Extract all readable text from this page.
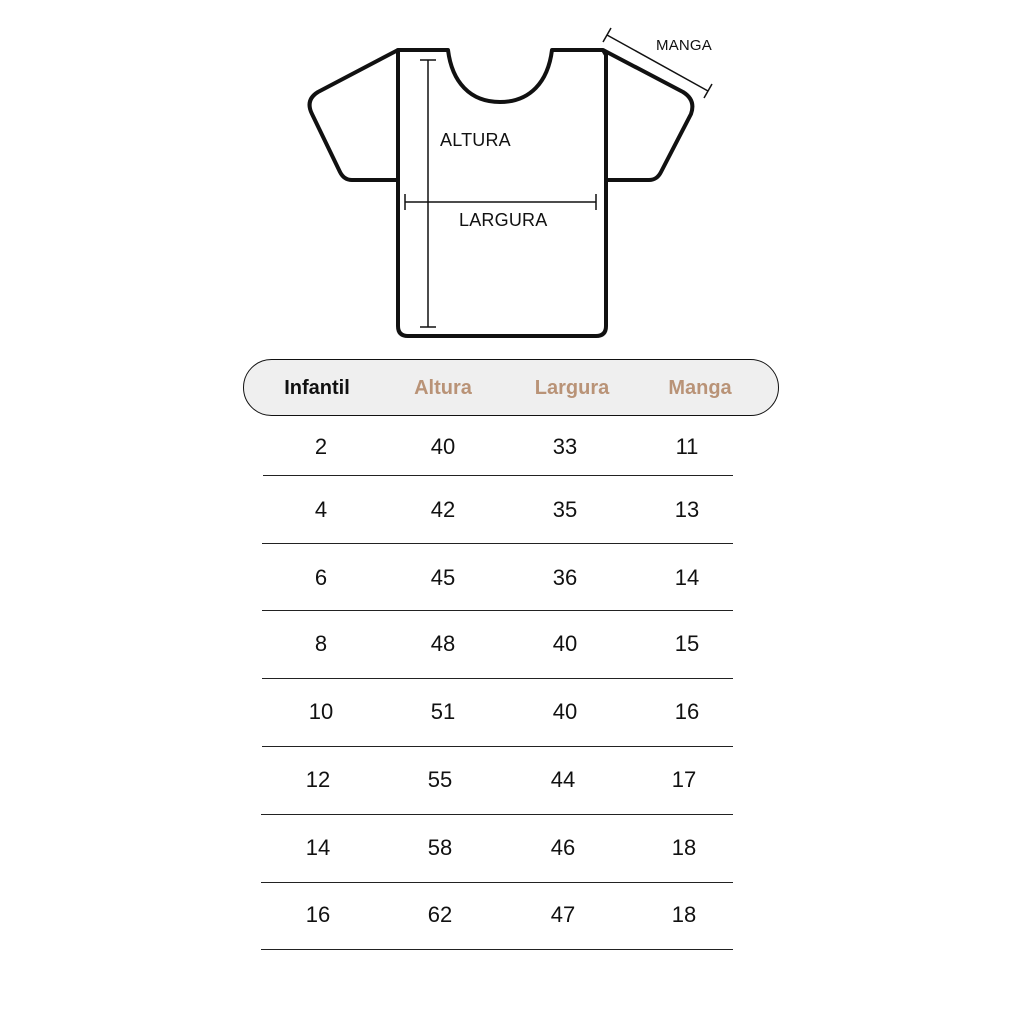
ALTURA
LARGURA
MANGA
Infantil	Altura	Largura	Manga
2	40	33	11
4	42	35	13
6	45	36	14
8	48	40	15
10	51	40	16
12	55	44	17
14	58	46	18
16	62	47	18
